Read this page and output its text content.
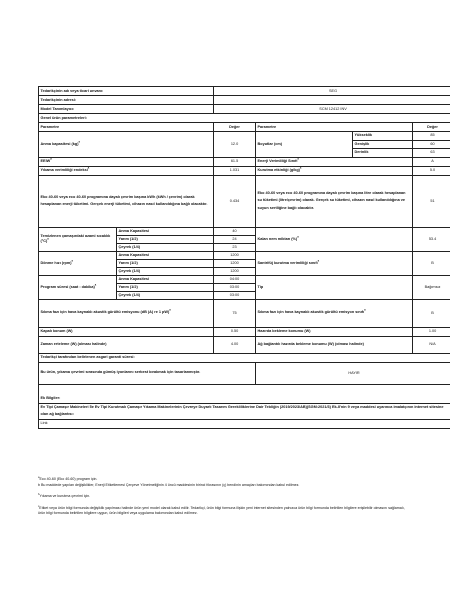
Tedarikçinin adı veya ticari unvanı:		SEG			
Tedarikçinin adresi:					
Model Tanımlayıcı:		SCM 12412 INV			
Genel ürün parametreleri:					
Parametre		Değer	Parametre		Değer
Anma kapasitesi (kg)$^a$		12.0	Boyutlar (cm)	Yükseklik	85
				Genişlik	60
				Derinlik	63
EEIW$^a$		61.5	Enerji Verimliliği Sınıfı$^a$		A
Yıkama verimliliği endeksi$^a$		1.031	Kurutma etkinliği $(g/kg)^a$		5.0
Eko 40-60 veya eco 40-60 programına dayalı çevrim başına kWh (kWh / çevrim) olarak hesaplanan enerji tüketimi. Gerçek enerji tüketimi, cihazın nasıl kullanıldığına bağlı olacaktır.		0.434	Eko 40-60 veya eco 40-60 programına dayalı çevrim başına litre olarak hesaplanan su tüketimi (litre/çevrim) olarak. Gerçek su tüketimi, cihazın nasıl kullanıldığına ve suyun sertliğine bağlı olacaktır.		51
Temizlenen çamaşırdaki azami sıcaklık $(^\circ C)^a$	Anma Kapasitesi	40	Kalan nem miktarı (%)$^a$		53.4
	Yarım (1/2)	24			
	Çeyrek (1/4)	23			
Dönme hızı (rpm)$^a$	Anma Kapasitesi	1200	Santrifüj kurutma verimliliği sınıfı$^a$		B
	Yarım (1/2)	1200			
	Çeyrek (1/4)	1200			
Program süresi (saat : dakika)$^a$	Anma Kapasitesi	04:00	Tip		Bağımsız
	Yarım (1/2)	03:00			
	Çeyrek (1/4)	03:00			
Sıkma fazı için hava kaynaklı akustik gürültü emisyonu (dB (A) re 1 pW)$^a$		75	Sıkma fazı için hava kaynaklı akustik gürültü emisyon sınıfı$^a$		B
Kapalı konum (W)		0.50	Hazırda bekleme konumu (W)		1.00
Zaman ertelemе (W) (olması halinde)		4.00	Ağ bağlantılı hazırda bekleme konumu (W) (olması halinde)		N/A
Tedarikçi tarafından belirlenen asgari garanti süresi:					
Bu ürün, yıkama çevrimi sırasında gümüş iyonlarını serbest bırakmak için tasarlanmıştır.			HAYIR		

Ek Bilgiler:					
Ev Tipi Çamaşır Makineleri İle Ev Tipi Kurutmalı Çamaşır Yıkama Makinelerinin Çevreye Duyarlı Tasarım Gereklilikleriне Dair Tebliğin (2019/2023/AB)(SGM:2021/3) Ek-II'nin 9 veya maddesi uyarınca imalatçının internet sitesine olan ağ bağlantısı:					
Link					

$^a$Eco 40-60 (Eko 40-60) program için.
b Bu maddede yapılan değişiklikler, Enerji Etiketlemesi Çerçeve Yönetmeliğinin 4 üncü maddesinin birinci fıkrasının (ç) bendinin amaçları bakımından kabul edilmez.

$^b$Yıkama ve kurutma çevrimi için.

$^c$Etiket veya ürün bilgi formunda değişiklik yapılması halinde ürün yeni model olarak kabul edilir. Tedarikçi, ürün bilgi formuna ilişkin yeni internet sitesinden yalnızca ürün bilgi formunda belirtilen bilgilere erişilebilir olmasını sağlamalı, ürün bilgi formunda belirtilen bilgilere uygun, ürün bilgileri veya uygulama bakımından kabul edilmez.
